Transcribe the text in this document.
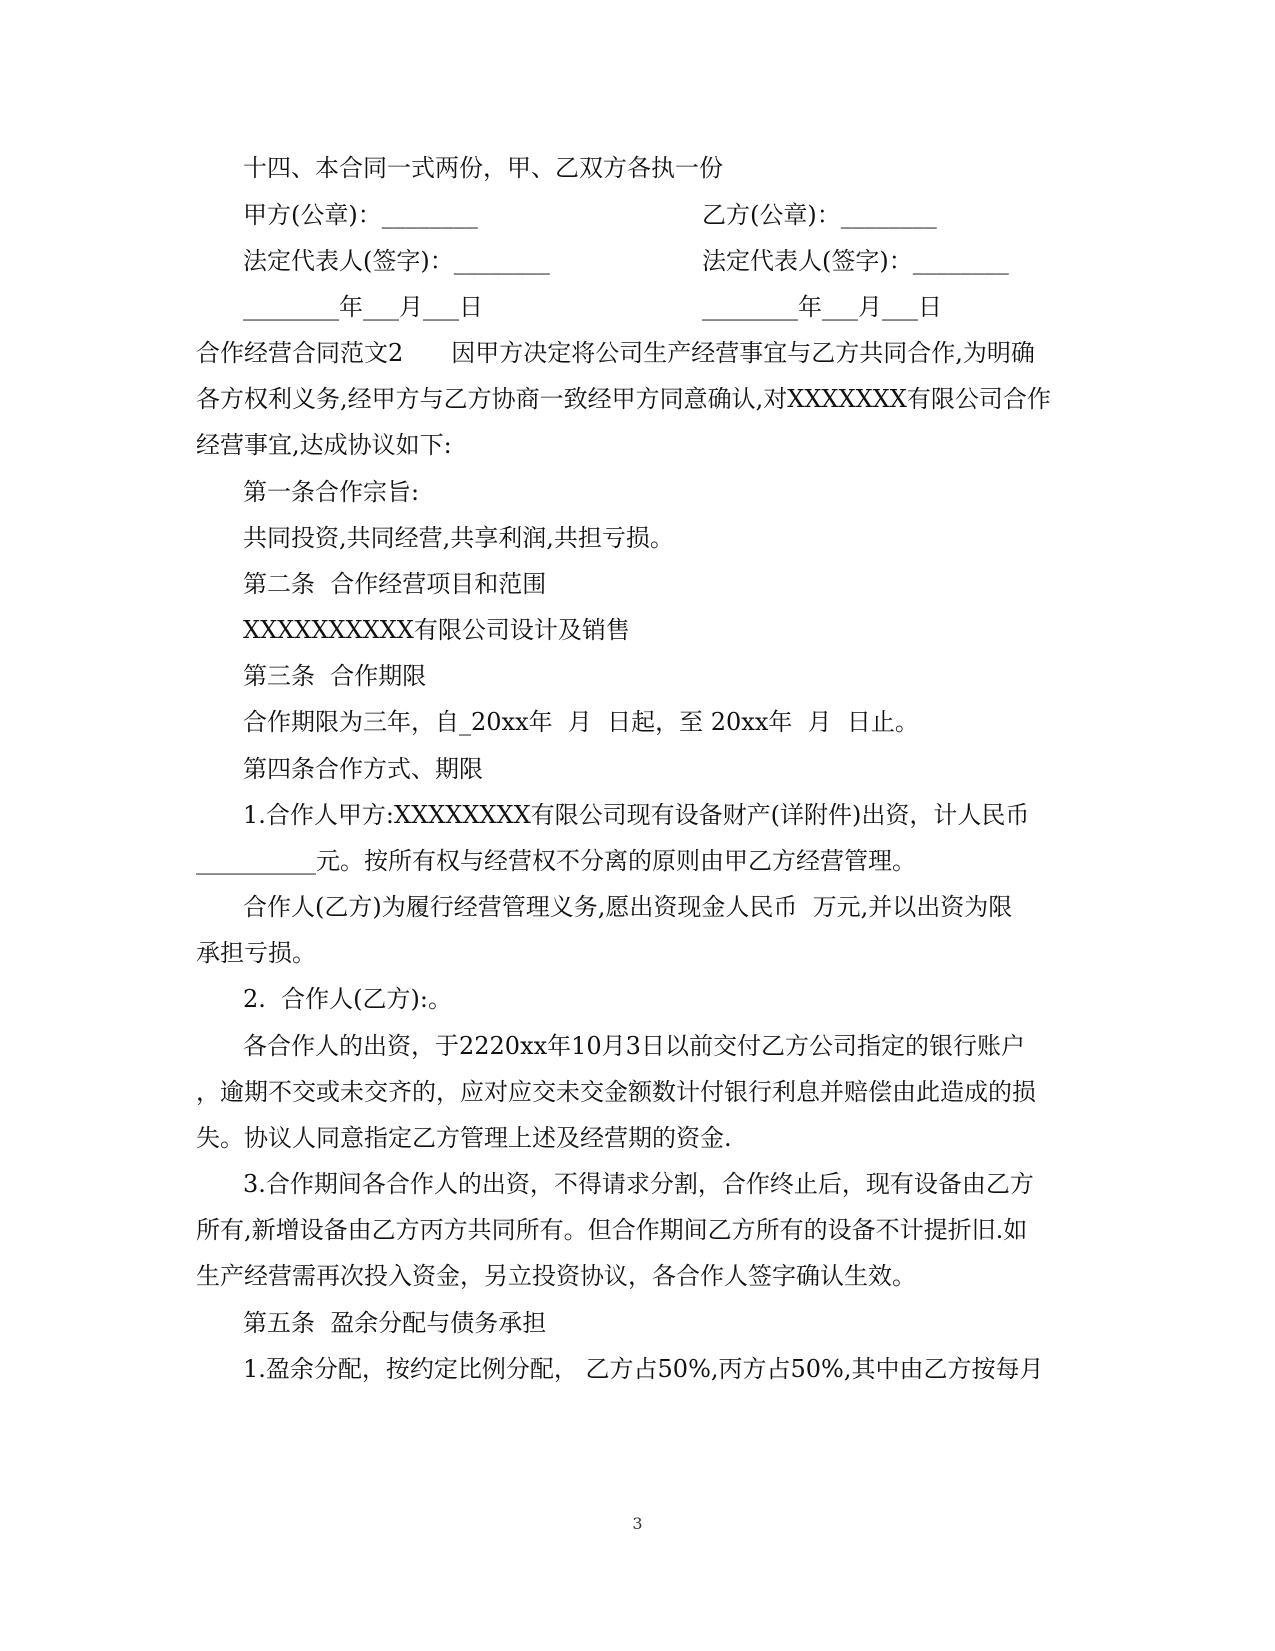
十四、本合同一式两份，甲、乙双方各执一份
甲方(公章)：________	乙方(公章)：________
法定代表人(签字)：________	法定代表人(签字)：________
________年___月___日	________年___月___日
合作经营合同范文2　　因甲方决定将公司生产经营事宜与乙方共同合作,为明确
各方权利义务,经甲方与乙方协商一致经甲方同意确认,对XXXXXXX有限公司合作
经营事宜,达成协议如下:
第一条合作宗旨:
共同投资,共同经营,共享利润,共担亏损。
第二条  合作经营项目和范围
XXXXXXXXXX有限公司设计及销售
第三条  合作期限
合作期限为三年，自_20xx年  月  日起，至 20xx年  月  日止。
第四条合作方式、期限
1.合作人甲方:XXXXXXXX有限公司现有设备财产(详附件)出资，计人民币
__________元。按所有权与经营权不分离的原则由甲乙方经营管理。
合作人(乙方)为履行经营管理义务,愿出资现金人民币  万元,并以出资为限
承担亏损。
2.  合作人(乙方):。
各合作人的出资，于2220xx年10月3日以前交付乙方公司指定的银行账户
，逾期不交或未交齐的，应对应交未交金额数计付银行利息并赔偿由此造成的损
失。协议人同意指定乙方管理上述及经营期的资金.
3.合作期间各合作人的出资，不得请求分割，合作终止后，现有设备由乙方
所有,新增设备由乙方丙方共同所有。但合作期间乙方所有的设备不计提折旧.如
生产经营需再次投入资金，另立投资协议，各合作人签字确认生效。
第五条  盈余分配与债务承担
1.盈余分配，按约定比例分配， 乙方占50%,丙方占50%,其中由乙方按每月
3
